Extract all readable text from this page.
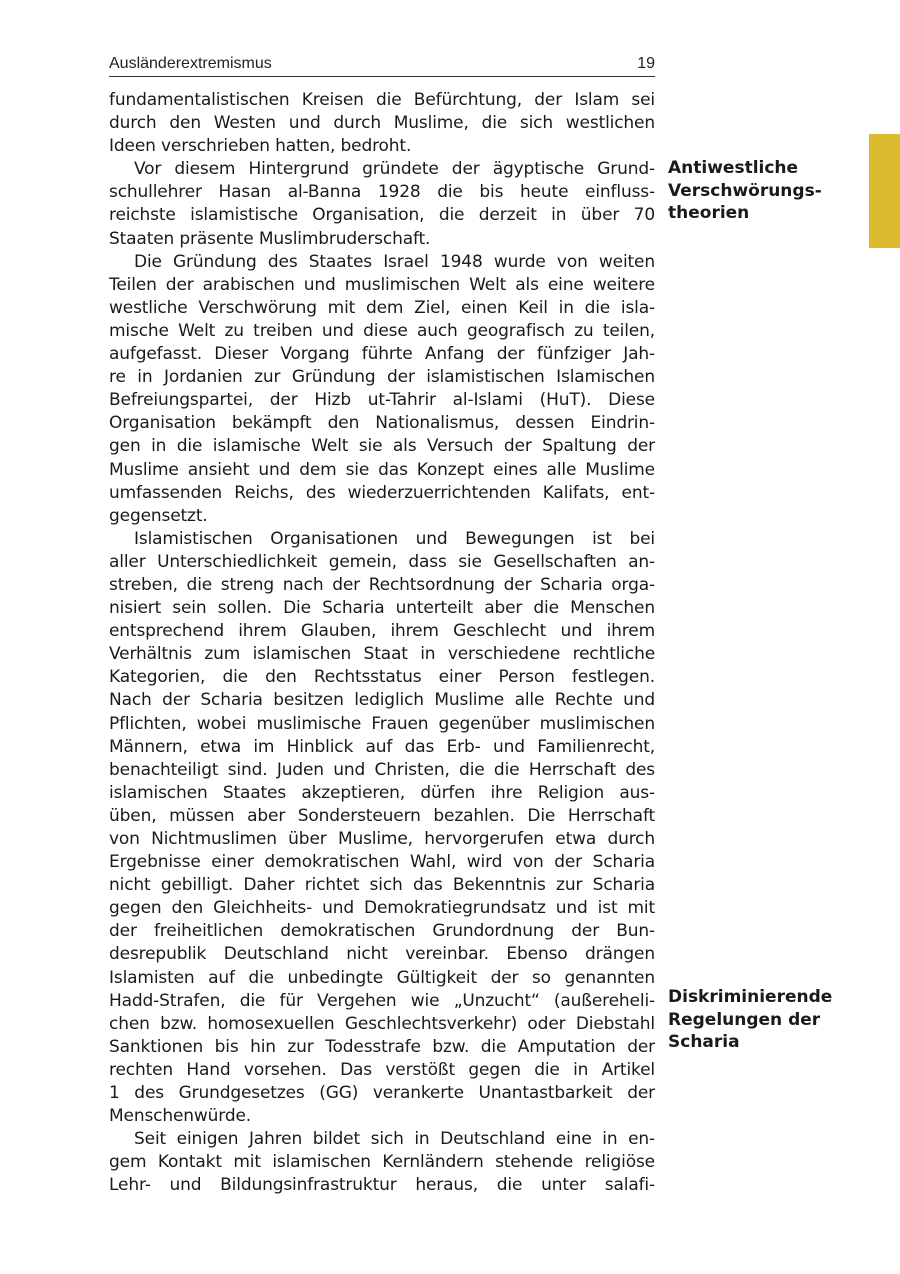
Ausländerextremismus	19
fundamentalistischen Kreisen die Befürchtung, der Islam sei
durch den Westen und durch Muslime, die sich westlichen
Ideen verschrieben hatten, bedroht.
Vor diesem Hintergrund gründete der ägyptische Grund-
schullehrer Hasan al-Banna 1928 die bis heute einfluss-
reichste islamistische Organisation, die derzeit in über 70
Staaten präsente Muslimbruderschaft.
Die Gründung des Staates Israel 1948 wurde von weiten
Teilen der arabischen und muslimischen Welt als eine weitere
westliche Verschwörung mit dem Ziel, einen Keil in die isla-
mische Welt zu treiben und diese auch geografisch zu teilen,
aufgefasst. Dieser Vorgang führte Anfang der fünfziger Jah-
re in Jordanien zur Gründung der islamistischen Islamischen
Befreiungspartei, der Hizb ut-Tahrir al-Islami (HuT). Diese
Organisation bekämpft den Nationalismus, dessen Eindrin-
gen in die islamische Welt sie als Versuch der Spaltung der
Muslime ansieht und dem sie das Konzept eines alle Muslime
umfassenden Reichs, des wiederzuerrichtenden Kalifats, ent-
gegensetzt.
Islamistischen Organisationen und Bewegungen ist bei
aller Unterschiedlichkeit gemein, dass sie Gesellschaften an-
streben, die streng nach der Rechtsordnung der Scharia orga-
nisiert sein sollen. Die Scharia unterteilt aber die Menschen
entsprechend ihrem Glauben, ihrem Geschlecht und ihrem
Verhältnis zum islamischen Staat in verschiedene rechtliche
Kategorien, die den Rechtsstatus einer Person festlegen.
Nach der Scharia besitzen lediglich Muslime alle Rechte und
Pflichten, wobei muslimische Frauen gegenüber muslimischen
Männern, etwa im Hinblick auf das Erb- und Familienrecht,
benachteiligt sind. Juden und Christen, die die Herrschaft des
islamischen Staates akzeptieren, dürfen ihre Religion aus-
üben, müssen aber Sondersteuern bezahlen. Die Herrschaft
von Nichtmuslimen über Muslime, hervorgerufen etwa durch
Ergebnisse einer demokratischen Wahl, wird von der Scharia
nicht gebilligt. Daher richtet sich das Bekenntnis zur Scharia
gegen den Gleichheits- und Demokratiegrundsatz und ist mit
der freiheitlichen demokratischen Grundordnung der Bun-
desrepublik Deutschland nicht vereinbar. Ebenso drängen
Islamisten auf die unbedingte Gültigkeit der so genannten
Hadd-Strafen, die für Vergehen wie „Unzucht“ (außereheli-
chen bzw. homosexuellen Geschlechtsverkehr) oder Diebstahl
Sanktionen bis hin zur Todesstrafe bzw. die Amputation der
rechten Hand vorsehen. Das verstößt gegen die in Artikel
1 des Grundgesetzes (GG) verankerte Unantastbarkeit der
Menschenwürde.
Seit einigen Jahren bildet sich in Deutschland eine in en-
gem Kontakt mit islamischen Kernländern stehende religiöse
Lehr- und Bildungsinfrastruktur heraus, die unter salafi-
Antiwestliche
Verschwörungs-
theorien
Diskriminierende
Regelungen der
Scharia
